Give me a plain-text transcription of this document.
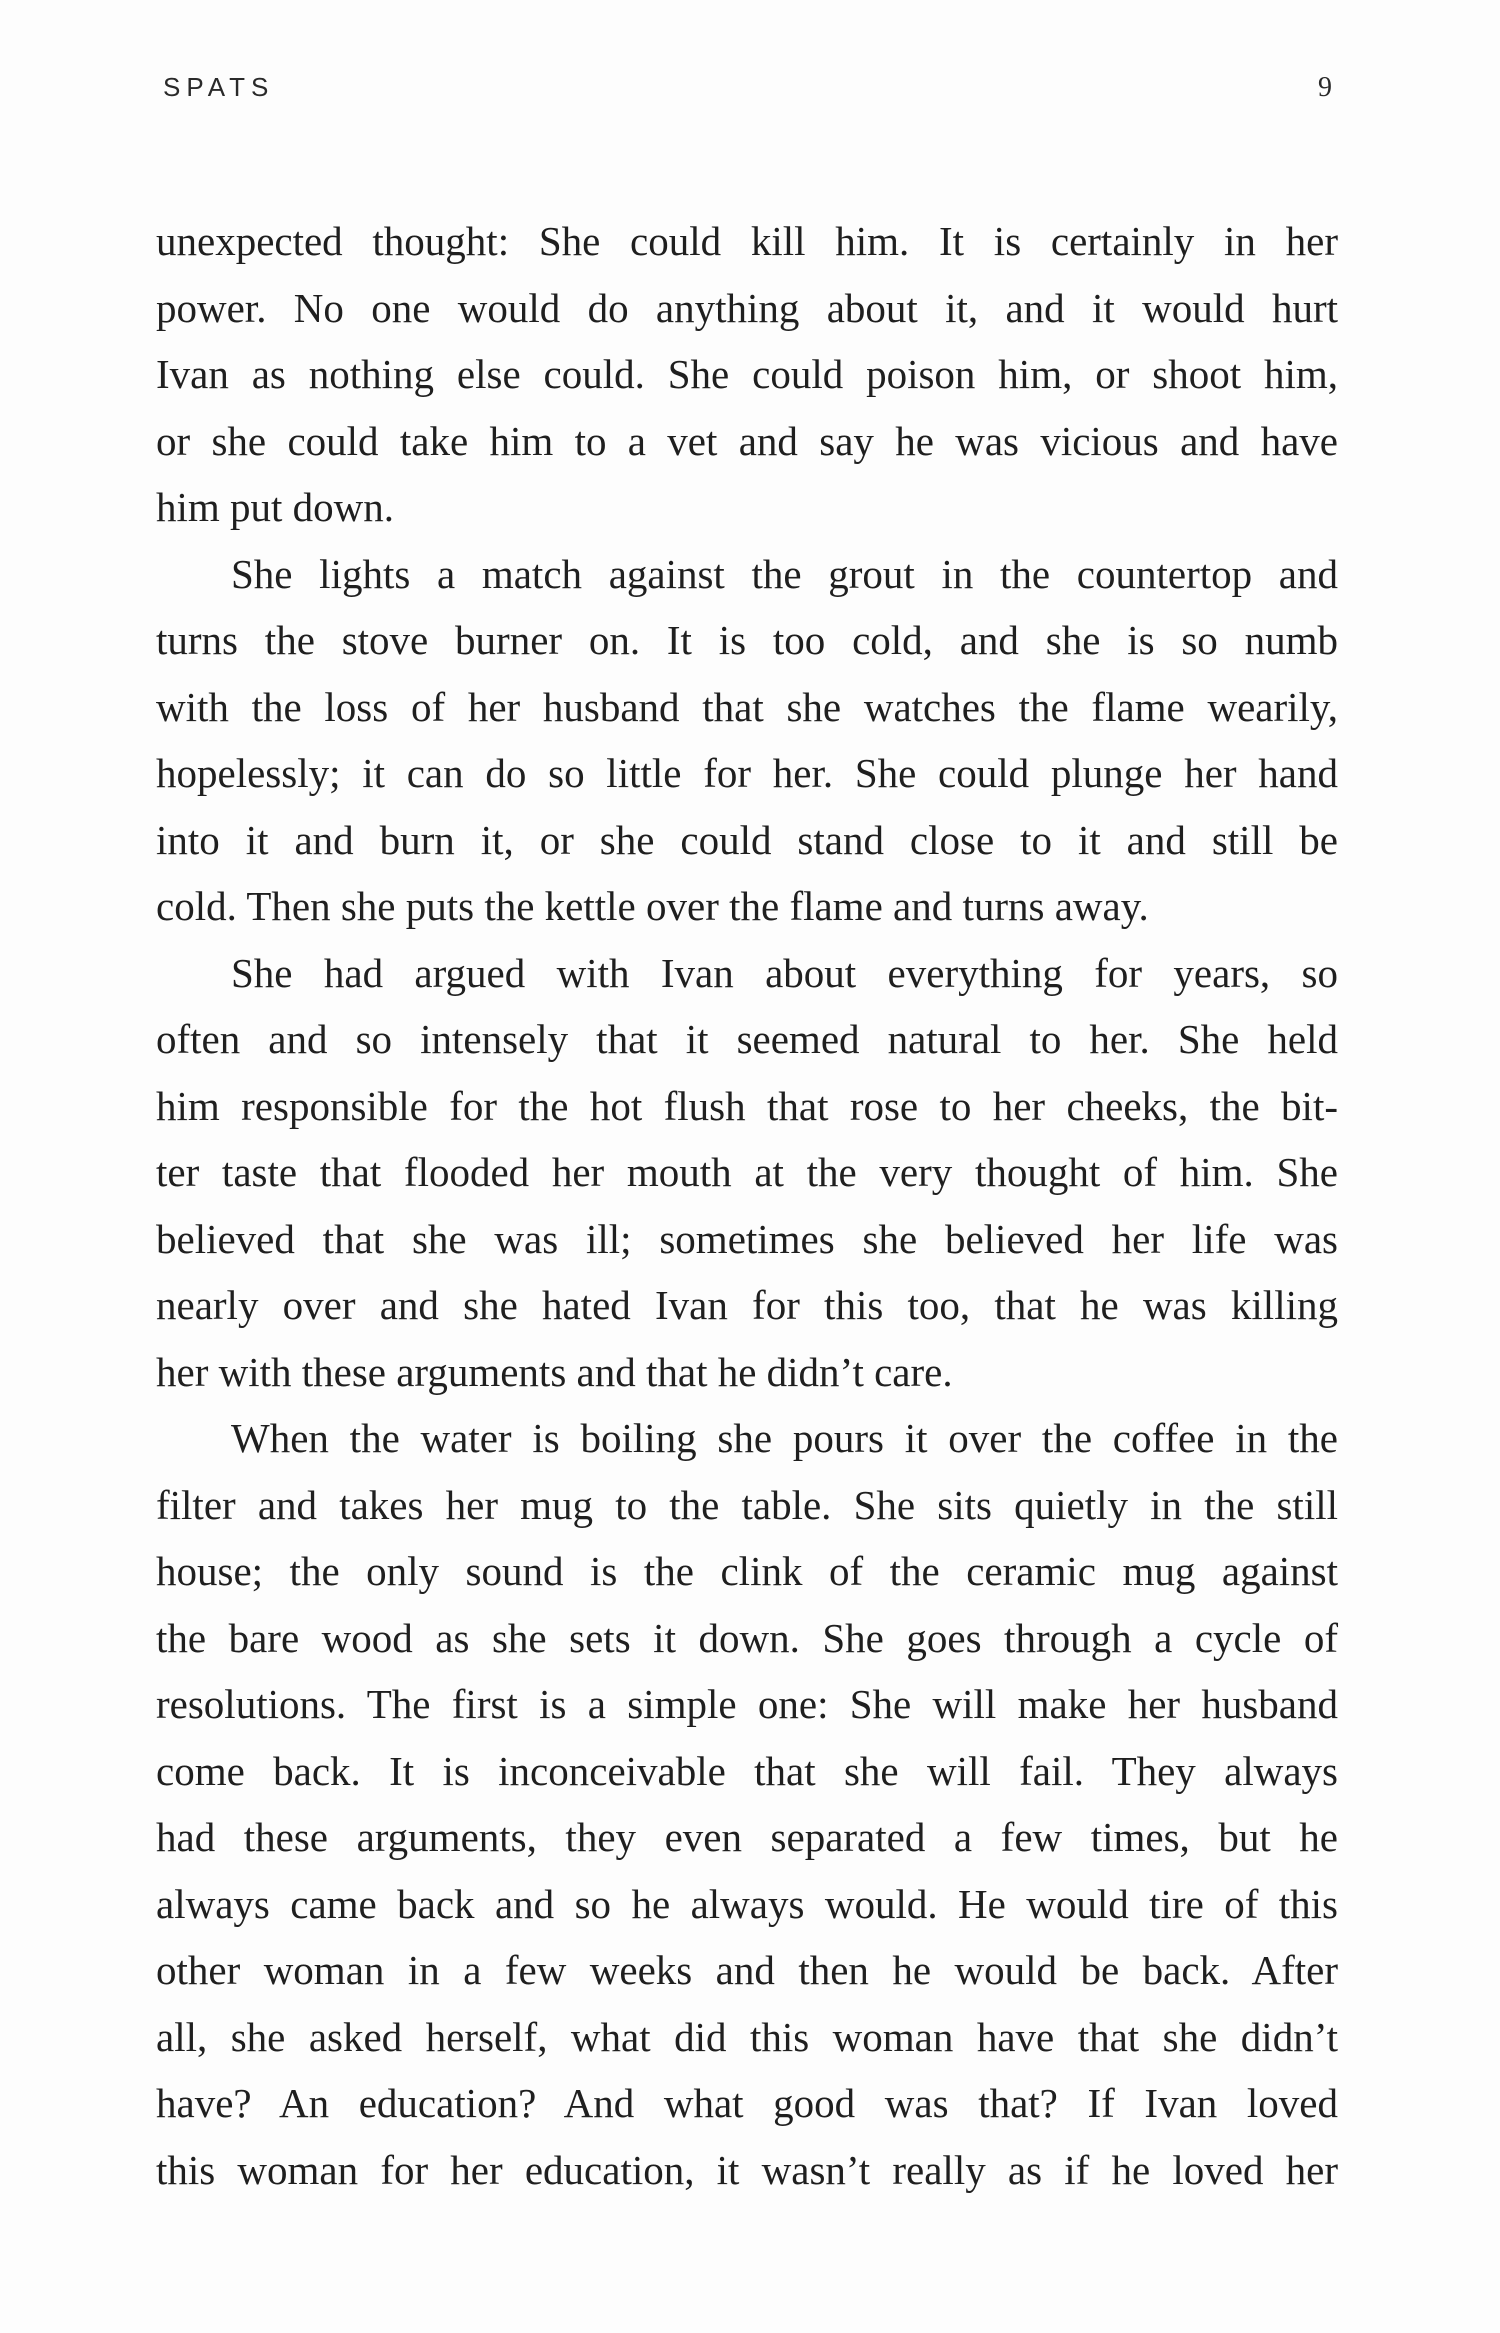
SPATS	9
unexpected thought: She could kill him. It is certainly in her
power. No one would do anything about it, and it would hurt
Ivan as nothing else could. She could poison him, or shoot him,
or she could take him to a vet and say he was vicious and have
him put down.
She lights a match against the grout in the countertop and
turns the stove burner on. It is too cold, and she is so numb
with the loss of her husband that she watches the flame wearily,
hopelessly; it can do so little for her. She could plunge her hand
into it and burn it, or she could stand close to it and still be
cold. Then she puts the kettle over the flame and turns away.
She had argued with Ivan about everything for years, so
often and so intensely that it seemed natural to her. She held
him responsible for the hot flush that rose to her cheeks, the bit-
ter taste that flooded her mouth at the very thought of him. She
believed that she was ill; sometimes she believed her life was
nearly over and she hated Ivan for this too, that he was killing
her with these arguments and that he didn’t care.
When the water is boiling she pours it over the coffee in the
filter and takes her mug to the table. She sits quietly in the still
house; the only sound is the clink of the ceramic mug against
the bare wood as she sets it down. She goes through a cycle of
resolutions. The first is a simple one: She will make her husband
come back. It is inconceivable that she will fail. They always
had these arguments, they even separated a few times, but he
always came back and so he always would. He would tire of this
other woman in a few weeks and then he would be back. After
all, she asked herself, what did this woman have that she didn’t
have? An education? And what good was that? If Ivan loved
this woman for her education, it wasn’t really as if he loved her
